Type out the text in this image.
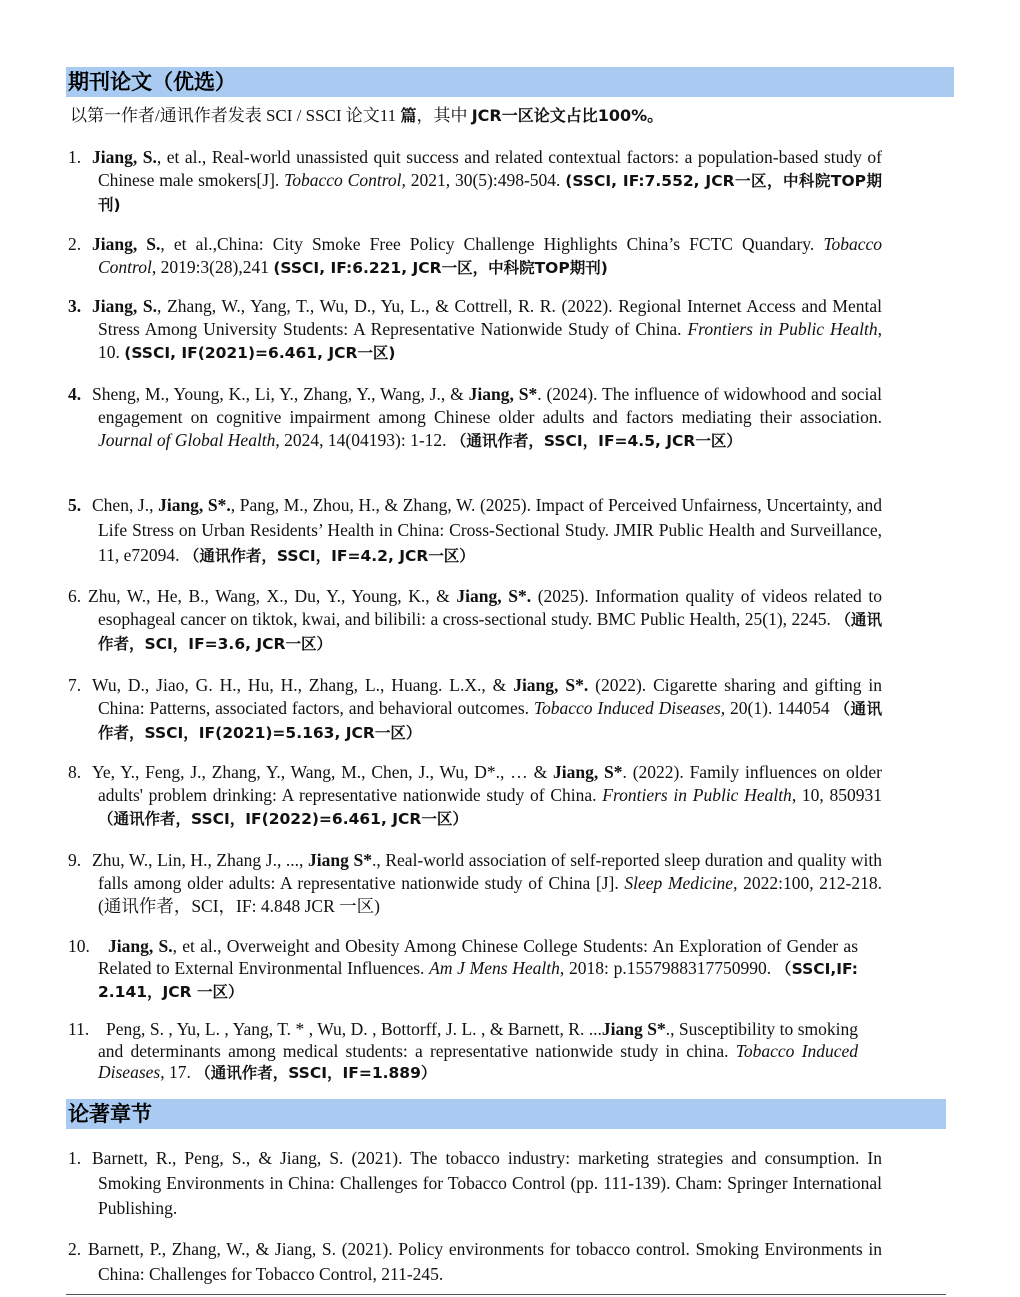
期刊论文（优选）
以第一作者/通讯作者发表 SCI / SSCI 论文11 篇，其中 JCR一区论文占比100%。
1. Jiang, S., et al., Real-world unassisted quit success and related contextual factors: a population-based study of Chinese male smokers[J]. Tobacco Control, 2021, 30(5):498-504. (SSCI, IF:7.552, JCR一区，中科院TOP期刊)
2. Jiang, S., et al.,China: City Smoke Free Policy Challenge Highlights China’s FCTC Quandary. Tobacco Control, 2019:3(28),241 (SSCI, IF:6.221, JCR一区，中科院TOP期刊)
3. Jiang, S., Zhang, W., Yang, T., Wu, D., Yu, L., & Cottrell, R. R. (2022). Regional Internet Access and Mental Stress Among University Students: A Representative Nationwide Study of China. Frontiers in Public Health, 10. (SSCI, IF(2021)=6.461, JCR一区)
4. Sheng, M., Young, K., Li, Y., Zhang, Y., Wang, J., & Jiang, S*. (2024). The influence of widowhood and social engagement on cognitive impairment among Chinese older adults and factors mediating their association. Journal of Global Health, 2024, 14(04193): 1-12. （通讯作者，SSCI，IF=4.5, JCR一区）
5. Chen, J., Jiang, S*., Pang, M., Zhou, H., & Zhang, W. (2025). Impact of Perceived Unfairness, Uncertainty, and Life Stress on Urban Residents’ Health in China: Cross-Sectional Study. JMIR Public Health and Surveillance, 11, e72094. （通讯作者，SSCI，IF=4.2, JCR一区）
6. Zhu, W., He, B., Wang, X., Du, Y., Young, K., & Jiang, S*. (2025). Information quality of videos related to esophageal cancer on tiktok, kwai, and bilibili: a cross-sectional study. BMC Public Health, 25(1), 2245. （通讯作者，SCI，IF=3.6, JCR一区）
7. Wu, D., Jiao, G. H., Hu, H., Zhang, L., Huang. L.X., & Jiang, S*. (2022). Cigarette sharing and gifting in China: Patterns, associated factors, and behavioral outcomes. Tobacco Induced Diseases, 20(1). 144054 （通讯作者，SSCI，IF(2021)=5.163, JCR一区）
8. Ye, Y., Feng, J., Zhang, Y., Wang, M., Chen, J., Wu, D*., … & Jiang, S*. (2022). Family influences on older adults' problem drinking: A representative nationwide study of China. Frontiers in Public Health, 10, 850931 （通讯作者，SSCI，IF(2022)=6.461, JCR一区）
9. Zhu, W., Lin, H., Zhang J., ..., Jiang S*., Real-world association of self-reported sleep duration and quality with falls among older adults: A representative nationwide study of China [J]. Sleep Medicine, 2022:100, 212-218. (通讯作者，SCI，IF: 4.848 JCR 一区)
10. Jiang, S., et al., Overweight and Obesity Among Chinese College Students: An Exploration of Gender as Related to External Environmental Influences. Am J Mens Health, 2018: p.1557988317750990. （SSCI,IF: 2.141，JCR 一区）
11. Peng, S. , Yu, L. , Yang, T. * , Wu, D. , Bottorff, J. L. , & Barnett, R. ...Jiang S*., Susceptibility to smoking and determinants among medical students: a representative nationwide study in china. Tobacco Induced Diseases, 17. （通讯作者，SSCI，IF=1.889）
论著章节
1. Barnett, R., Peng, S., & Jiang, S. (2021). The tobacco industry: marketing strategies and consumption. In Smoking Environments in China: Challenges for Tobacco Control (pp. 111-139). Cham: Springer International Publishing.
2. Barnett, P., Zhang, W., & Jiang, S. (2021). Policy environments for tobacco control. Smoking Environments in China: Challenges for Tobacco Control, 211-245.
